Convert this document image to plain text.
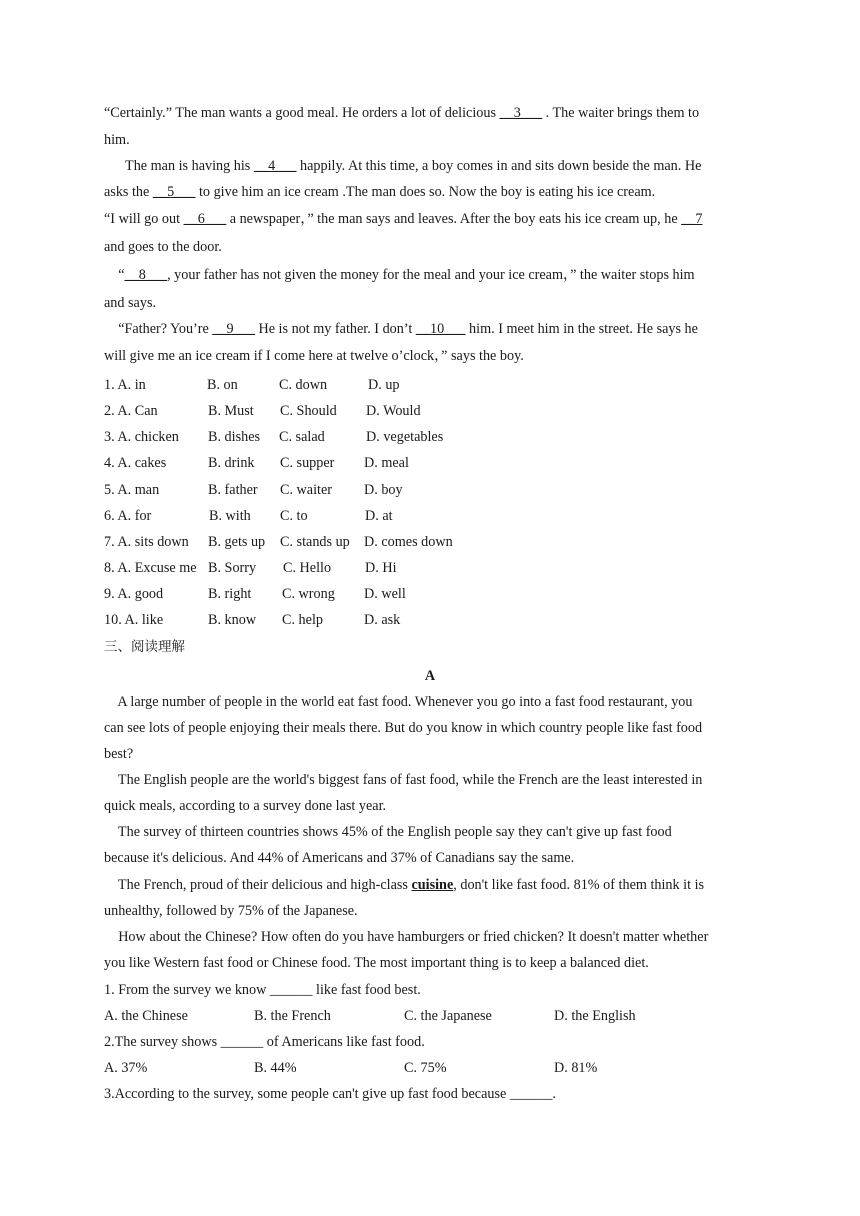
“Certainly.” The man wants a good meal. He orders a lot of delicious __3___ . The waiter brings them to
him.
The man is having his __4___ happily. At this time, a boy comes in and sits down beside the man. He
asks the __5___ to give him an ice cream .The man does so. Now the boy is eating his ice cream.
“I will go out __6___ a newspaper，” the man says and leaves. After the boy eats his ice cream up, he __7
and goes to the door.
“__8___, your father has not given the money for the meal and your ice cream，” the waiter stops him
and says.
“Father? You’re __9___ He is not my father. I don’t __10___ him. I meet him in the street. He says he
will give me an ice cream if I come here at twelve o’clock，” says the boy.
1. A. in	B. on	C. down	D. up
2. A. Can	B. Must C. Should D. Would
3. A. chicken B. dishes C. salad	D. vegetables
4. A. cakes	B. drink C. supper D. meal
5. A. man	B. father C. waiter D. boy
6. A. for	B. with C. to	D. at
7. A. sits down B. gets up C. stands up D. comes down
8. A. Excuse me B. Sorry C. Hello D. Hi
9. A. good	B. right C. wrong D. well
10. A. like	B. know C. help	D. ask
三、阅读理解
A
A large number of people in the world eat fast food. Whenever you go into a fast food restaurant, you
can see lots of people enjoying their meals there. But do you know in which country people like fast food
best?
The English people are the world's biggest fans of fast food, while the French are the least interested in
quick meals, according to a survey done last year.
The survey of thirteen countries shows 45% of the English people say they can't give up fast food
because it's delicious. And 44% of Americans and 37% of Canadians say the same.
The French, proud of their delicious and high-class cuisine, don't like fast food. 81% of them think it is
unhealthy, followed by 75% of the Japanese.
How about the Chinese? How often do you have hamburgers or fried chicken? It doesn't matter whether
you like Western fast food or Chinese food. The most important thing is to keep a balanced diet.
1. From the survey we know ______ like fast food best.
A. the Chinese	B. the French	C. the Japanese	D. the English
2.The survey shows ______ of Americans like fast food.
A. 37%	B. 44%	C. 75%	D. 81%
3.According to the survey, some people can't give up fast food because ______.
